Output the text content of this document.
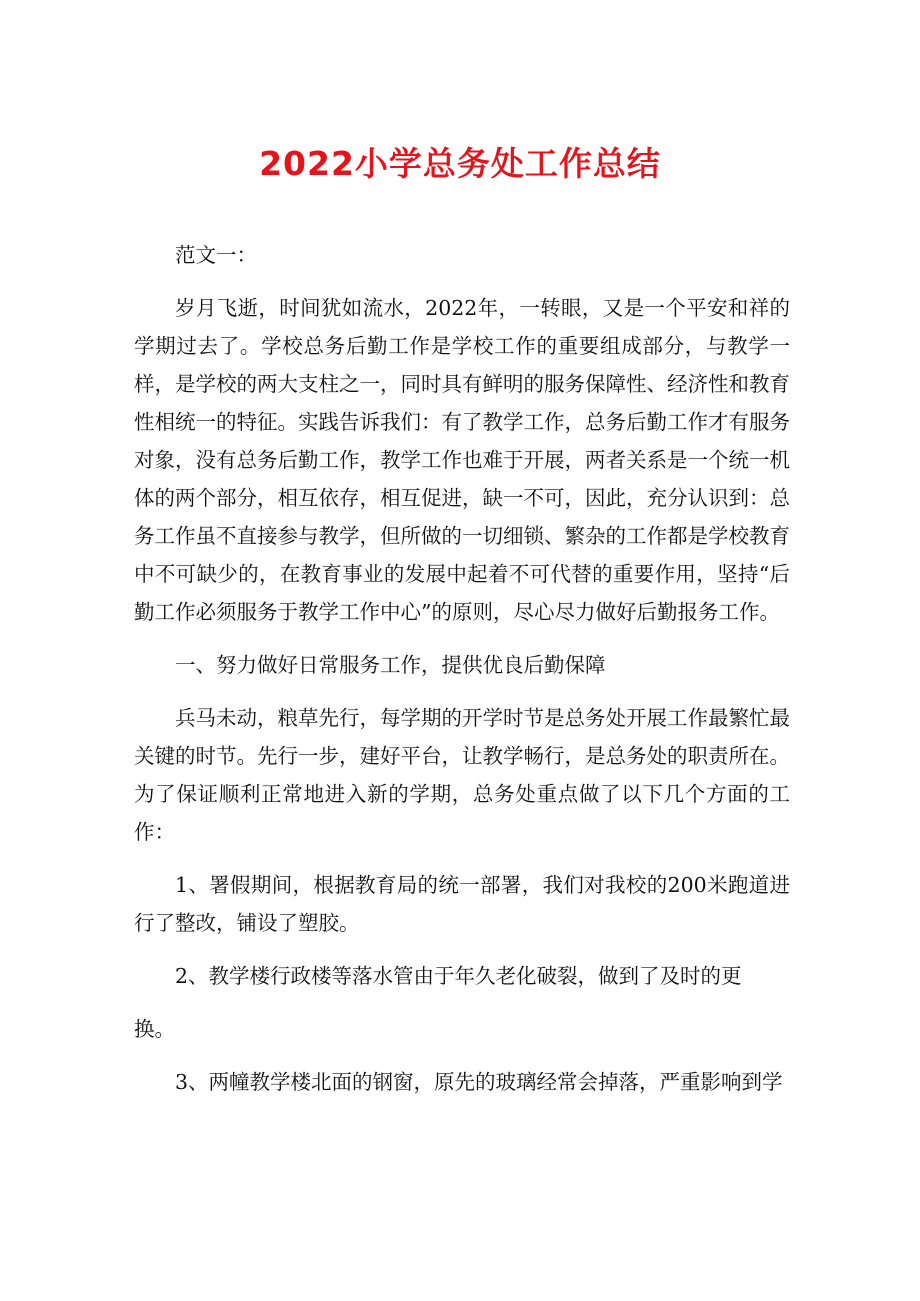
2022小学总务处工作总结

范文一：

岁月飞逝，时间犹如流水，2022年，一转眼，又是一个平安和祥的学期过去了。学校总务后勤工作是学校工作的重要组成部分，与教学一样，是学校的两大支柱之一，同时具有鲜明的服务保障性、经济性和教育性相统一的特征。实践告诉我们：有了教学工作，总务后勤工作才有服务对象，没有总务后勤工作，教学工作也难于开展，两者关系是一个统一机体的两个部分，相互依存，相互促进，缺一不可，因此，充分认识到：总务工作虽不直接参与教学，但所做的一切细锁、繁杂的工作都是学校教育中不可缺少的，在教育事业的发展中起着不可代替的重要作用，坚持“后勤工作必须服务于教学工作中心”的原则，尽心尽力做好后勤报务工作。

一、努力做好日常服务工作，提供优良后勤保障

兵马未动，粮草先行，每学期的开学时节是总务处开展工作最繁忙最关键的时节。先行一步，建好平台，让教学畅行，是总务处的职责所在。为了保证顺利正常地进入新的学期，总务处重点做了以下几个方面的工作：

1、署假期间，根据教育局的统一部署，我们对我校的200米跑道进行了整改，铺设了塑胶。

2、教学楼行政楼等落水管由于年久老化破裂，做到了及时的更

换。

3、两幢教学楼北面的钢窗，原先的玻璃经常会掉落，严重影响到学
